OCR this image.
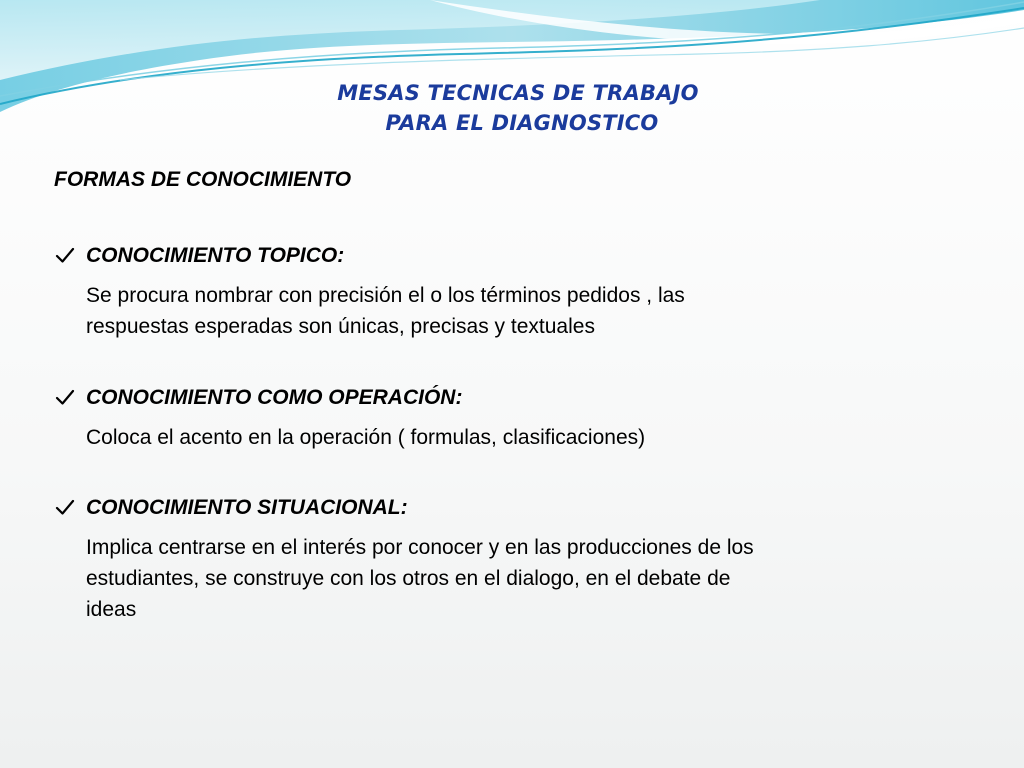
MESAS TECNICAS DE TRABAJO
PARA EL DIAGNOSTICO
FORMAS DE CONOCIMIENTO
CONOCIMIENTO TOPICO:
Se procura nombrar con precisión el o los términos pedidos , las
respuestas esperadas son únicas, precisas y textuales
CONOCIMIENTO COMO OPERACIÓN:
Coloca el acento en la operación ( formulas, clasificaciones)
CONOCIMIENTO SITUACIONAL:
Implica centrarse en el interés por conocer y en las producciones de los
estudiantes, se construye con los otros en el dialogo, en el debate de
ideas
